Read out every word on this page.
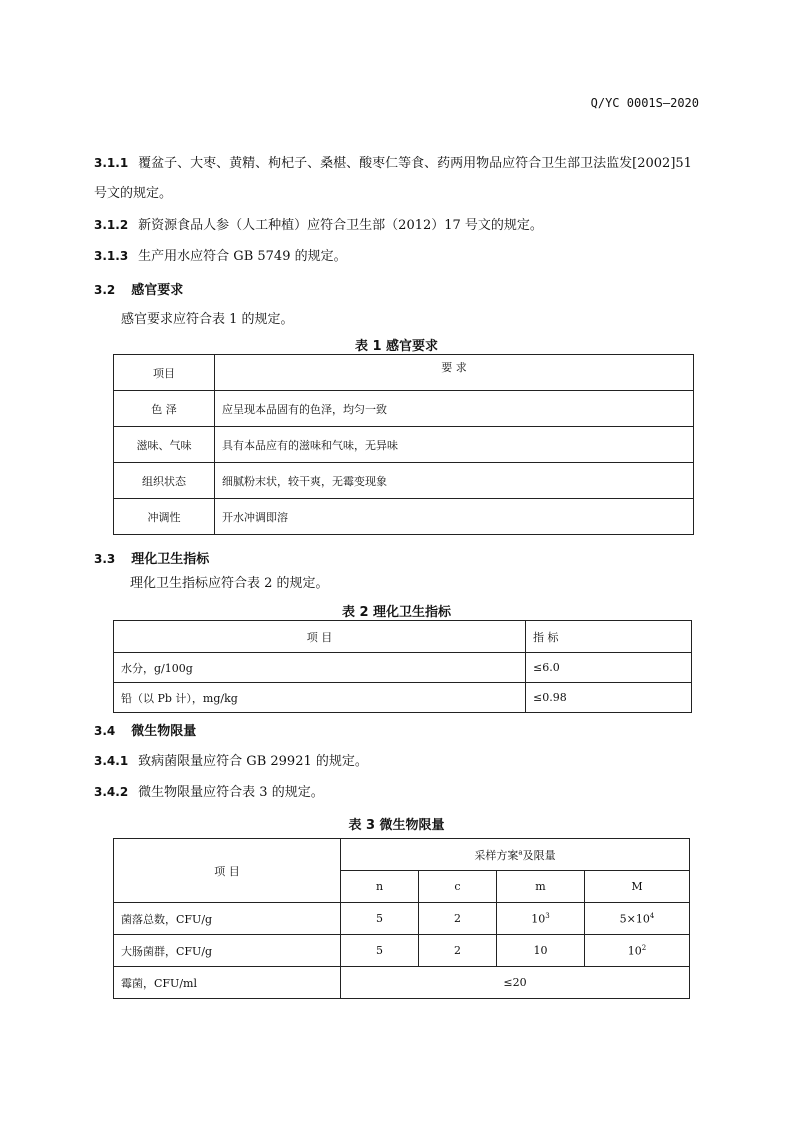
Q/YC 0001S—2020
3.1.1 覆盆子、大枣、黄精、枸杞子、桑椹、酸枣仁等食、药两用物品应符合卫生部卫法监发[2002]51
号文的规定。
3.1.2 新资源食品人参（人工种植）应符合卫生部（2012）17 号文的规定。
3.1.3 生产用水应符合 GB 5749 的规定。
3.2 感官要求
感官要求应符合表 1 的规定。
表 1 感官要求
项目	要 求
色 泽	应呈现本品固有的色泽，均匀一致
滋味、气味	具有本品应有的滋味和气味，无异味
组织状态	细腻粉末状，较干爽，无霉变现象
冲调性	开水冲调即溶
3.3 理化卫生指标
理化卫生指标应符合表 2 的规定。
表 2 理化卫生指标
项 目	指 标
水分，g/100g	≤6.0
铅（以 Pb 计），mg/kg	≤0.98
3.4 微生物限量
3.4.1 致病菌限量应符合 GB 29921 的规定。
3.4.2 微生物限量应符合表 3 的规定。
表 3 微生物限量
项 目	采样方案$^a$及限量			
	n	c	m	M
菌落总数，CFU/g	5	2	$10^3$	$5\times 10^4$
大肠菌群，CFU/g	5	2	10	$10^2$
霉菌，CFU/ml	≤20			
